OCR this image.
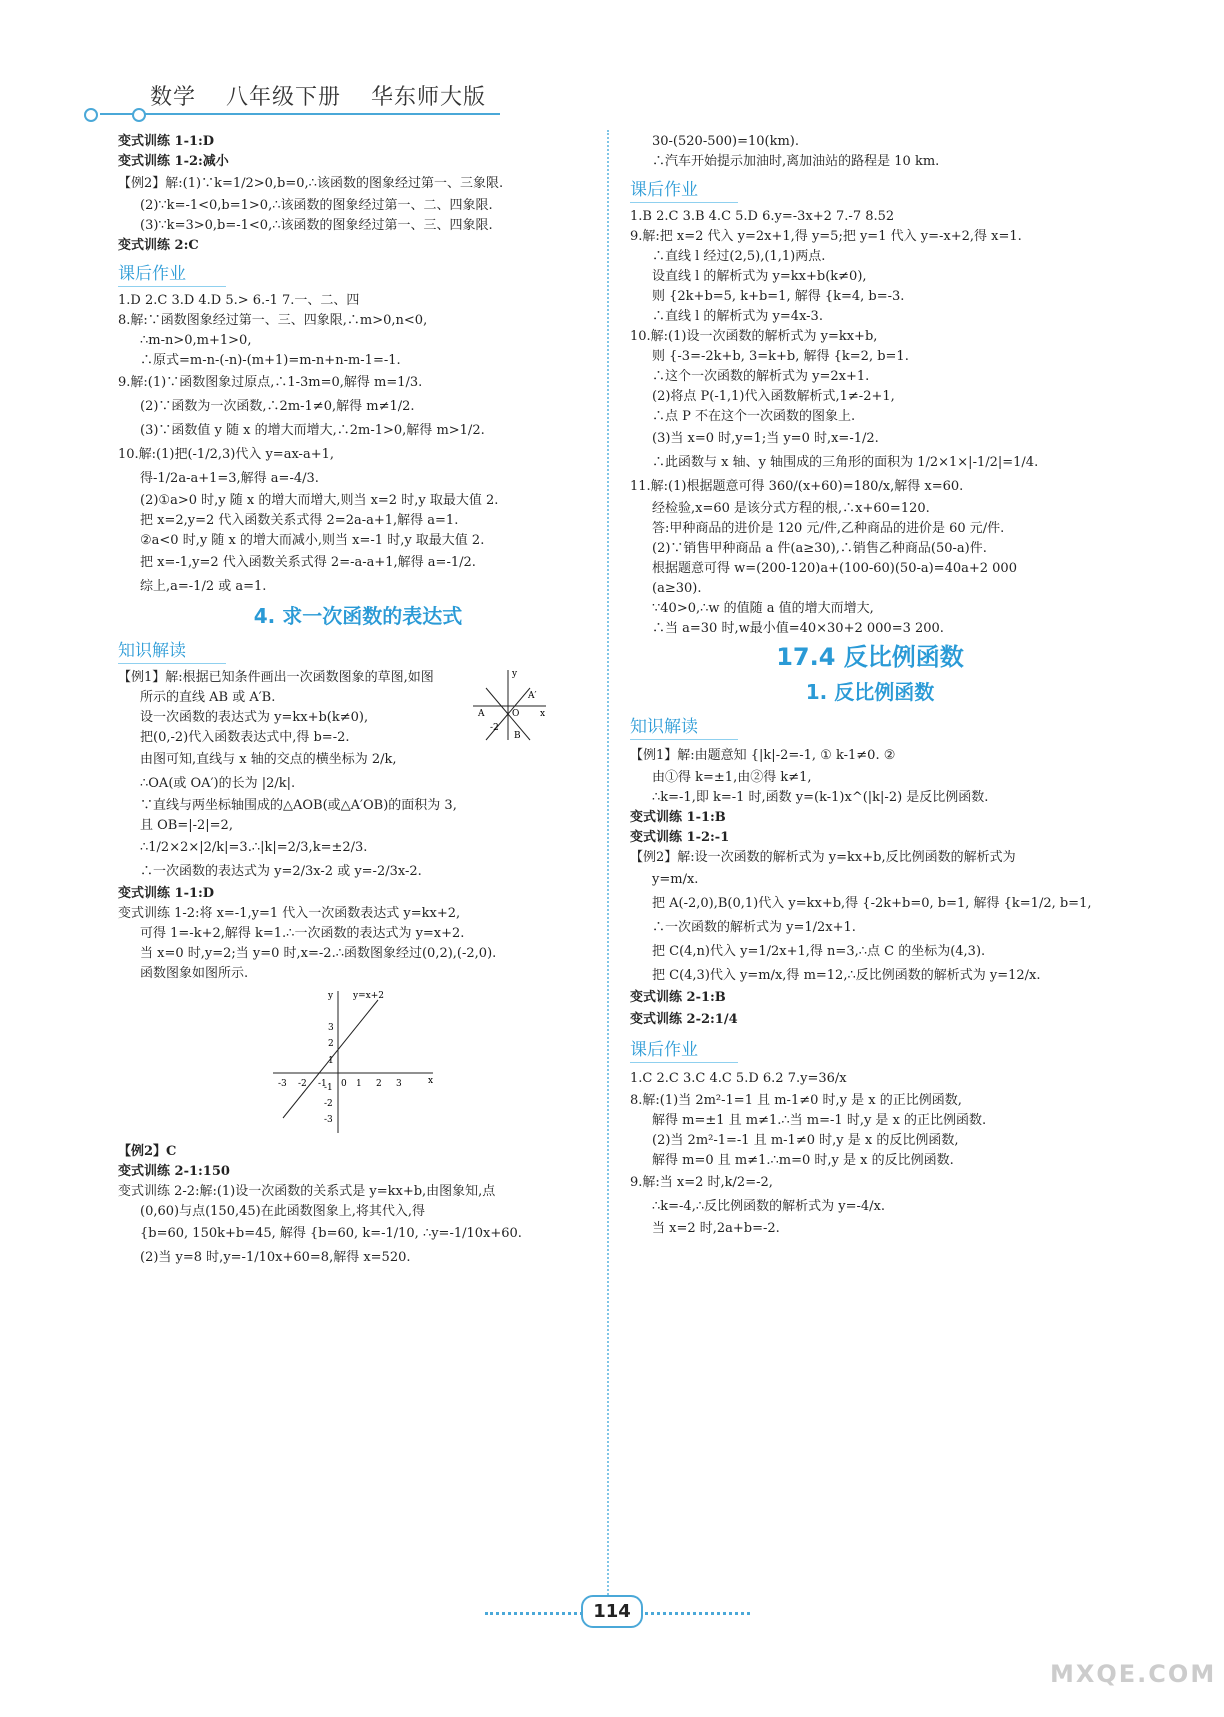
数学 八年级下册 华东师大版

变式训练 1-1:D

变式训练 1-2:减小

【例2】解:(1)∵k=1/2>0,b=0,∴该函数的图象经过第一、三象限.

(2)∵k=-1<0,b=1>0,∴该函数的图象经过第一、二、四象限.

(3)∵k=3>0,b=-1<0,∴该函数的图象经过第一、三、四象限.

变式训练 2:C

课后作业

1.D 2.C 3.D 4.D 5.> 6.-1 7.一、二、四

8.解:∵函数图象经过第一、三、四象限,∴m>0,n<0,

∴m-n>0,m+1>0,

∴原式=m-n-(-n)-(m+1)=m-n+n-m-1=-1.

9.解:(1)∵函数图象过原点,∴1-3m=0,解得 m=1/3.

(2)∵函数为一次函数,∴2m-1≠0,解得 m≠1/2.

(3)∵函数值 y 随 x 的增大而增大,∴2m-1>0,解得 m>1/2.

10.解:(1)把(-1/2,3)代入 y=ax-a+1,

得-1/2a-a+1=3,解得 a=-4/3.

(2)①a>0 时,y 随 x 的增大而增大,则当 x=2 时,y 取最大值 2.

把 x=2,y=2 代入函数关系式得 2=2a-a+1,解得 a=1.

②a<0 时,y 随 x 的增大而减小,则当 x=-1 时,y 取最大值 2.

把 x=-1,y=2 代入函数关系式得 2=-a-a+1,解得 a=-1/2.

综上,a=-1/2 或 a=1.

4. 求一次函数的表达式

知识解读

【例1】解:根据已知条件画出一次函数图象的草图,如图	y
x
A′
A	O
-2
B

所示的直线 AB 或 A′B.

设一次函数的表达式为 y=kx+b(k≠0),

把(0,-2)代入函数表达式中,得 b=-2.

由图可知,直线与 x 轴的交点的横坐标为 2/k,

∴OA(或 OA′)的长为 |2/k|.

∵直线与两坐标轴围成的△AOB(或△A′OB)的面积为 3,

且 OB=|-2|=2,

∴1/2×2×|2/k|=3.∴|k|=2/3,k=±2/3.

∴一次函数的表达式为 y=2/3x-2 或 y=-2/3x-2.

变式训练 1-1:D

变式训练 1-2:将 x=-1,y=1 代入一次函数表达式 y=kx+2,

可得 1=-k+2,解得 k=1.∴一次函数的表达式为 y=x+2.

当 x=0 时,y=2;当 y=0 时,x=-2.∴函数图象经过(0,2),(-2,0).

函数图象如图所示.

-3 -2 -1 0 1 2 3	x
y
3
2
1
-1
-2
-3
y=x+2

【例2】C

变式训练 2-1:150

变式训练 2-2:解:(1)设一次函数的关系式是 y=kx+b,由图象知,点

(0,60)与点(150,45)在此函数图象上,将其代入,得

{b=60, 150k+b=45, 解得 {b=60, k=-1/10, ∴y=-1/10x+60.

(2)当 y=8 时,y=-1/10x+60=8,解得 x=520.

30-(520-500)=10(km).

∴汽车开始提示加油时,离加油站的路程是 10 km.

课后作业

1.B 2.C 3.B 4.C 5.D 6.y=-3x+2 7.-7 8.52

9.解:把 x=2 代入 y=2x+1,得 y=5;把 y=1 代入 y=-x+2,得 x=1.

∴直线 l 经过(2,5),(1,1)两点.

设直线 l 的解析式为 y=kx+b(k≠0),

则 {2k+b=5, k+b=1, 解得 {k=4, b=-3.

∴直线 l 的解析式为 y=4x-3.

10.解:(1)设一次函数的解析式为 y=kx+b,

则 {-3=-2k+b, 3=k+b, 解得 {k=2, b=1.

∴这个一次函数的解析式为 y=2x+1.

(2)将点 P(-1,1)代入函数解析式,1≠-2+1,

∴点 P 不在这个一次函数的图象上.

(3)当 x=0 时,y=1;当 y=0 时,x=-1/2.

∴此函数与 x 轴、y 轴围成的三角形的面积为 1/2×1×|-1/2|=1/4.

11.解:(1)根据题意可得 360/(x+60)=180/x,解得 x=60.

经检验,x=60 是该分式方程的根,∴x+60=120.

答:甲种商品的进价是 120 元/件,乙种商品的进价是 60 元/件.

(2)∵销售甲种商品 a 件(a≥30),∴销售乙种商品(50-a)件.

根据题意可得 w=(200-120)a+(100-60)(50-a)=40a+2 000

(a≥30).

∵40>0,∴w 的值随 a 值的增大而增大,

∴当 a=30 时,w最小值=40×30+2 000=3 200.

17.4 反比例函数

1. 反比例函数

知识解读

【例1】解:由题意知 {|k|-2=-1, ① k-1≠0. ②

由①得 k=±1,由②得 k≠1,

∴k=-1,即 k=-1 时,函数 y=(k-1)x^(|k|-2) 是反比例函数.

变式训练 1-1:B

变式训练 1-2:-1

【例2】解:设一次函数的解析式为 y=kx+b,反比例函数的解析式为

y=m/x.

把 A(-2,0),B(0,1)代入 y=kx+b,得 {-2k+b=0, b=1, 解得 {k=1/2, b=1,

∴一次函数的解析式为 y=1/2x+1.

把 C(4,n)代入 y=1/2x+1,得 n=3,∴点 C 的坐标为(4,3).

把 C(4,3)代入 y=m/x,得 m=12,∴反比例函数的解析式为 y=12/x.

变式训练 2-1:B

变式训练 2-2:1/4

课后作业

1.C 2.C 3.C 4.C 5.D 6.2 7.y=36/x

8.解:(1)当 2m²-1=1 且 m-1≠0 时,y 是 x 的正比例函数,

解得 m=±1 且 m≠1.∴当 m=-1 时,y 是 x 的正比例函数.

(2)当 2m²-1=-1 且 m-1≠0 时,y 是 x 的反比例函数,

解得 m=0 且 m≠1.∴m=0 时,y 是 x 的反比例函数.

9.解:当 x=2 时,k/2=-2,

∴k=-4,∴反比例函数的解析式为 y=-4/x.

当 x=2 时,2a+b=-2.

114
MXQE.COM
